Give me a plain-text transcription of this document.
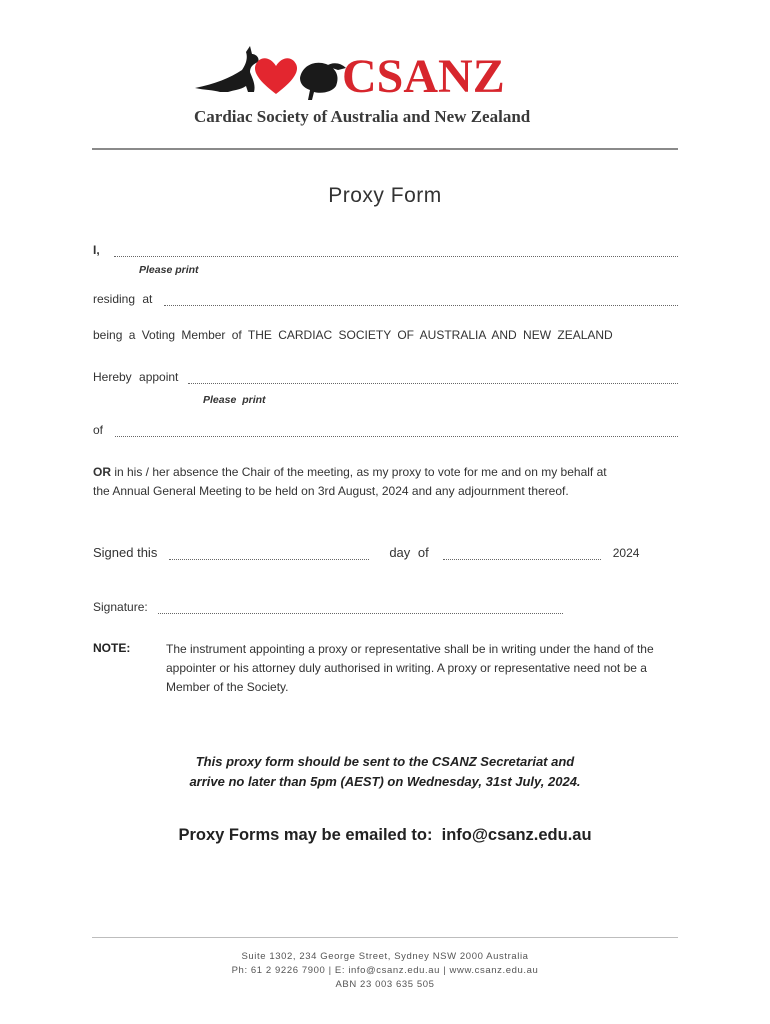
CSANZ
Cardiac Society of Australia and New Zealand
Proxy Form
I,
Please print
residing at
being a Voting Member of THE CARDIAC SOCIETY OF AUSTRALIA AND NEW ZEALAND
Hereby appoint
Please print
of
OR in his / her absence the Chair of the meeting, as my proxy to vote for me and on my behalf at
the Annual General Meeting to be held on 3rd August, 2024 and any adjournment thereof.
Signed this	day of	2024
Signature:
NOTE:	The instrument appointing a proxy or representative shall be in writing under the hand of the appointer or his attorney duly authorised in writing. A proxy or representative need not be a Member of the Society.
This proxy form should be sent to the CSANZ Secretariat and
arrive no later than 5pm (AEST) on Wednesday, 31st July, 2024.
Proxy Forms may be emailed to:  info@csanz.edu.au
Suite 1302, 234 George Street, Sydney NSW 2000 Australia
Ph: 61 2 9226 7900 | E: info@csanz.edu.au | www.csanz.edu.au
ABN 23 003 635 505
